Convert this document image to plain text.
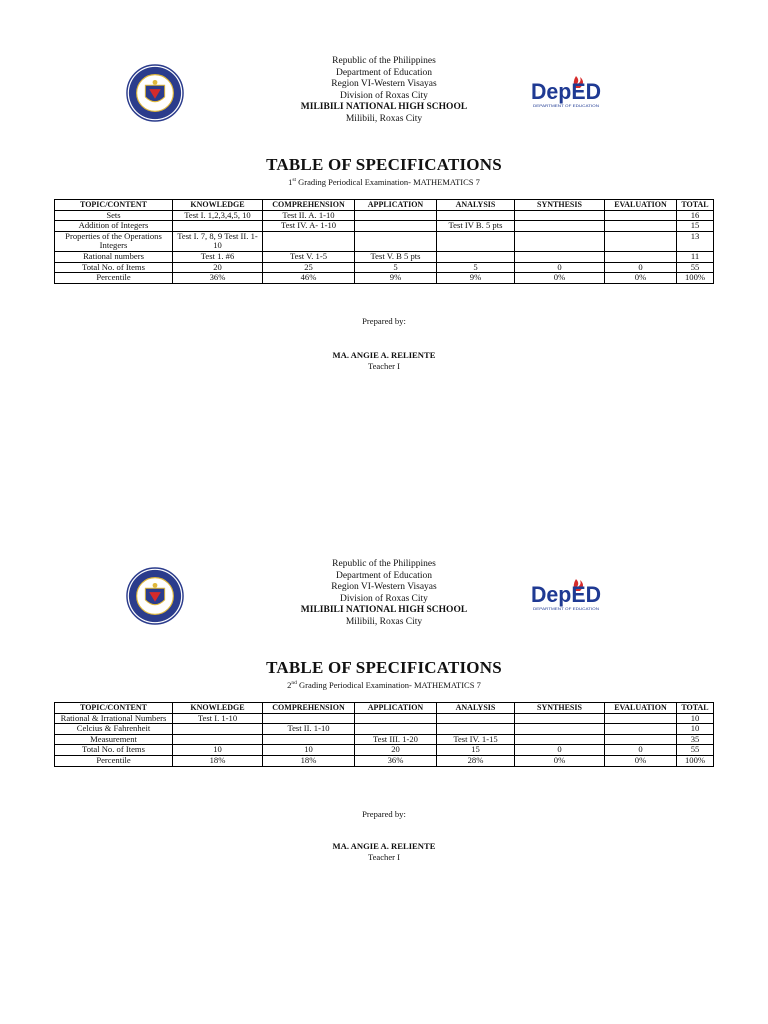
Republic of the Philippines
Department of Education
Region VI-Western Visayas
Division of Roxas City
MILIBILI NATIONAL HIGH SCHOOL
Milibili, Roxas City
DepED
DEPARTMENT OF EDUCATION
TABLE OF SPECIFICATIONS
1st Grading Periodical Examination- MATHEMATICS 7
TOPIC/CONTENT	KNOWLEDGE	COMPREHENSION	APPLICATION	ANALYSIS	SYNTHESIS	EVALUATION	TOTAL
Sets	Test I. 1,2,3,4,5, 10	Test II. A. 1-10					16
Addition of Integers		Test IV. A- 1-10		Test IV B. 5 pts			15
Properties of the Operations Integers	Test I. 7, 8, 9 Test II. 1-10						13
Rational numbers	Test 1. #6	Test V. 1-5	Test V. B 5 pts				11
Total No. of Items	20	25	5	5	0	0	55
Percentile	36%	46%	9%	9%	0%	0%	100%
Prepared by:
MA. ANGIE A. RELIENTE
Teacher I
Republic of the Philippines
Department of Education
Region VI-Western Visayas
Division of Roxas City
MILIBILI NATIONAL HIGH SCHOOL
Milibili, Roxas City
DepED
DEPARTMENT OF EDUCATION
TABLE OF SPECIFICATIONS
2nd Grading Periodical Examination- MATHEMATICS 7
TOPIC/CONTENT	KNOWLEDGE	COMPREHENSION	APPLICATION	ANALYSIS	SYNTHESIS	EVALUATION	TOTAL
Rational & Irrational Numbers	Test I. 1-10						10
Celcius & Fahrenheit		Test II. 1-10					10
Measurement			Test III. 1-20	Test IV. 1-15			35
Total No. of Items	10	10	20	15	0	0	55
Percentile	18%	18%	36%	28%	0%	0%	100%
Prepared by:
MA. ANGIE A. RELIENTE
Teacher I
